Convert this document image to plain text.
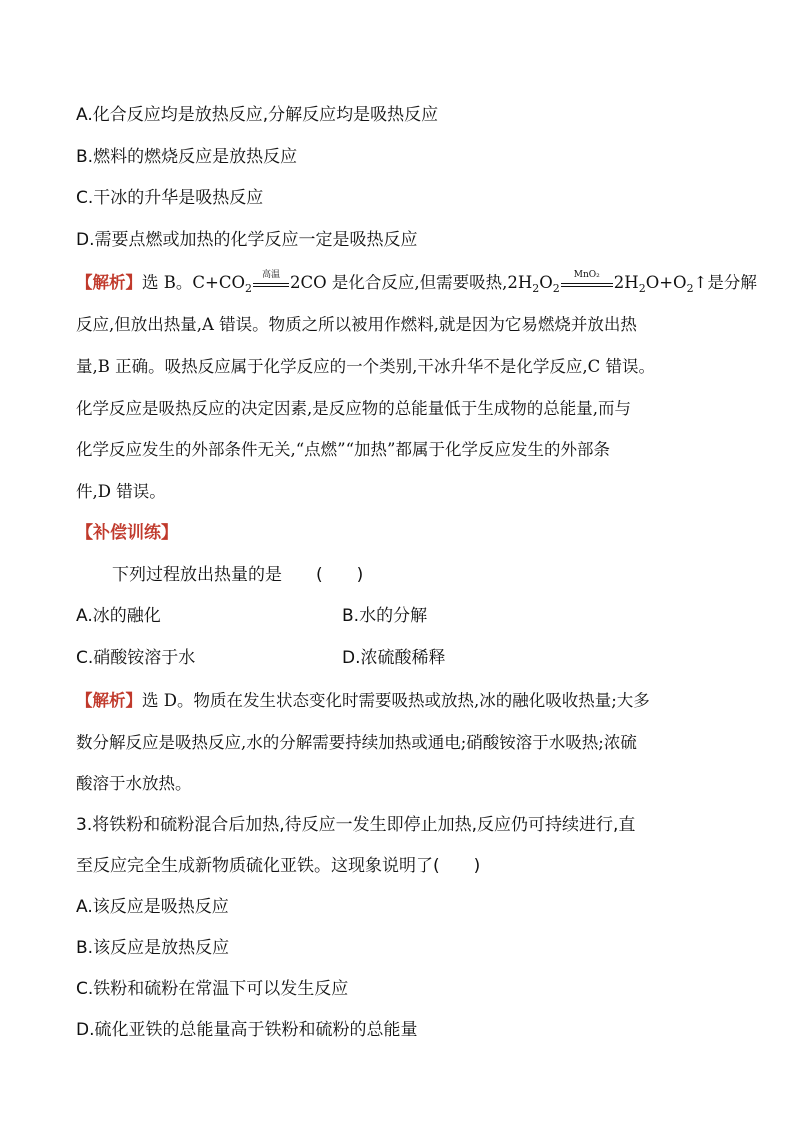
A.化合反应均是放热反应,分解反应均是吸热反应
B.燃料的燃烧反应是放热反应
C.干冰的升华是吸热反应
D.需要点燃或加热的化学反应一定是吸热反应
【解析】选 B。$C+CO_2$
高温 2CO 是化合反应,但需要吸热$,2H_2O_2$
MnO₂ $2H_2O+O_2↑$是分解
反应,但放出热量,A 错误。物质之所以被用作燃料,就是因为它易燃烧并放出热
量,B 正确。吸热反应属于化学反应的一个类别,干冰升华不是化学反应,C 错误。
化学反应是吸热反应的决定因素,是反应物的总能量低于生成物的总能量,而与
化学反应发生的外部条件无关,“点燃”“加热”都属于化学反应发生的外部条
件,D 错误。
【补偿训练】
下列过程放出热量的是　　(　　)
A.冰的融化	B.水的分解
C.硝酸铵溶于水	D.浓硫酸稀释
【解析】选 D。物质在发生状态变化时需要吸热或放热,冰的融化吸收热量;大多
数分解反应是吸热反应,水的分解需要持续加热或通电;硝酸铵溶于水吸热;浓硫
酸溶于水放热。
3.将铁粉和硫粉混合后加热,待反应一发生即停止加热,反应仍可持续进行,直
至反应完全生成新物质硫化亚铁。这现象说明了(　　)
A.该反应是吸热反应
B.该反应是放热反应
C.铁粉和硫粉在常温下可以发生反应
D.硫化亚铁的总能量高于铁粉和硫粉的总能量
